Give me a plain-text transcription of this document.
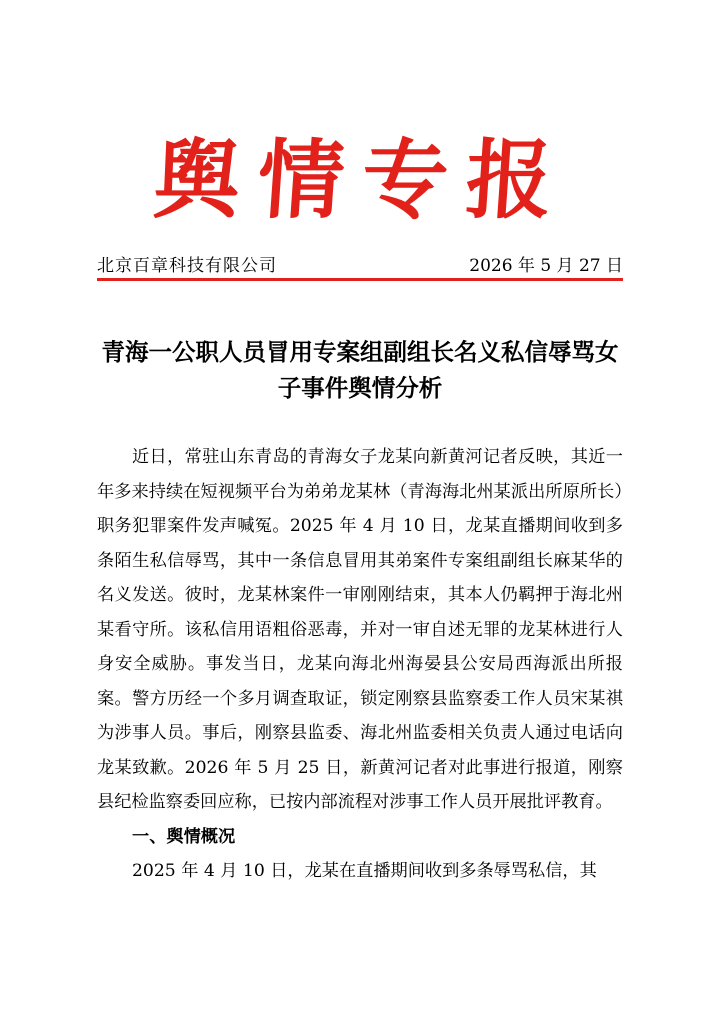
舆情专报
北京百章科技有限公司	2026 年 5 月 27 日
青海一公职人员冒用专案组副组长名义私信辱骂女子事件舆情分析

近日，常驻山东青岛的青海女子龙某向新黄河记者反映，其近一年多来持续在短视频平台为弟弟龙某林（青海海北州某派出所原所长）职务犯罪案件发声喊冤。2025 年 4 月 10 日，龙某直播期间收到多条陌生私信辱骂，其中一条信息冒用其弟案件专案组副组长麻某华的名义发送。彼时，龙某林案件一审刚刚结束，其本人仍羁押于海北州某看守所。该私信用语粗俗恶毒，并对一审自述无罪的龙某林进行人身安全威胁。事发当日，龙某向海北州海晏县公安局西海派出所报案。警方历经一个多月调查取证，锁定刚察县监察委工作人员宋某祺为涉事人员。事后，刚察县监委、海北州监委相关负责人通过电话向龙某致歉。2026 年 5 月 25 日，新黄河记者对此事进行报道，刚察县纪检监察委回应称，已按内部流程对涉事工作人员开展批评教育。

一、舆情概况

2025 年 4 月 10 日，龙某在直播期间收到多条辱骂私信，其
